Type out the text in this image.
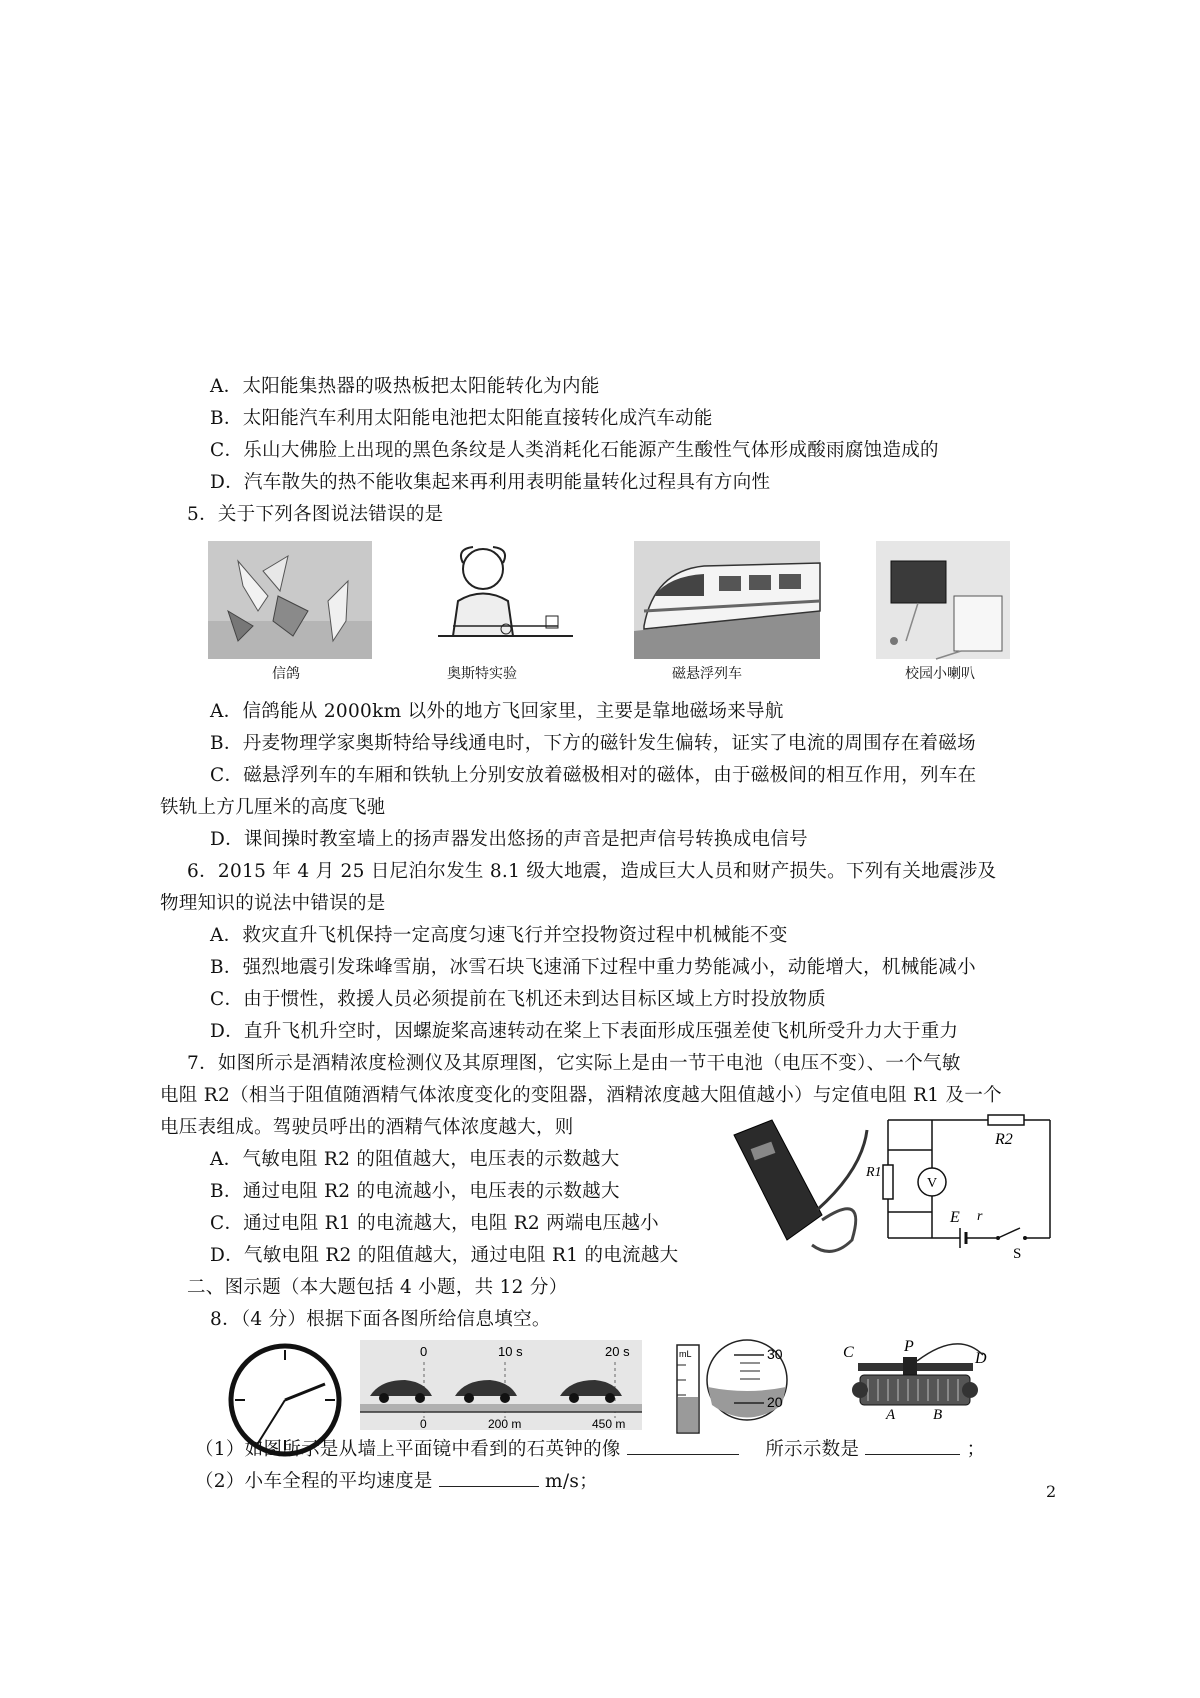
A．太阳能集热器的吸热板把太阳能转化为内能
B．太阳能汽车利用太阳能电池把太阳能直接转化成汽车动能
C．乐山大佛脸上出现的黑色条纹是人类消耗化石能源产生酸性气体形成酸雨腐蚀造成的
D．汽车散失的热不能收集起来再利用表明能量转化过程具有方向性
5．关于下列各图说法错误的是
信鸽	奥斯特实验	磁悬浮列车	校园小喇叭
A．信鸽能从 2000km 以外的地方飞回家里，主要是靠地磁场来导航
B．丹麦物理学家奥斯特给导线通电时，下方的磁针发生偏转，证实了电流的周围存在着磁场
C．磁悬浮列车的车厢和铁轨上分别安放着磁极相对的磁体，由于磁极间的相互作用，列车在
铁轨上方几厘米的高度飞驰
D．课间操时教室墙上的扬声器发出悠扬的声音是把声信号转换成电信号
6．2015 年 4 月 25 日尼泊尔发生 8.1 级大地震，造成巨大人员和财产损失。下列有关地震涉及
物理知识的说法中错误的是
A．救灾直升飞机保持一定高度匀速飞行并空投物资过程中机械能不变
B．强烈地震引发珠峰雪崩，冰雪石块飞速涌下过程中重力势能减小，动能增大，机械能减小
C．由于惯性，救援人员必须提前在飞机还未到达目标区域上方时投放物质
D．直升飞机升空时，因螺旋桨高速转动在桨上下表面形成压强差使飞机所受升力大于重力
7．如图所示是酒精浓度检测仪及其原理图，它实际上是由一节干电池（电压不变）、一个气敏
电阻 R2（相当于阻值随酒精气体浓度变化的变阻器，酒精浓度越大阻值越小）与定值电阻 R1 及一个
电压表组成。驾驶员呼出的酒精气体浓度越大，则
A．气敏电阻 R2 的阻值越大，电压表的示数越大
B．通过电阻 R2 的电流越小，电压表的示数越大
C．通过电阻 R1 的电流越大，电阻 R2 两端电压越小
D．气敏电阻 R2 的阻值越大，通过电阻 R1 的电流越大
R2
R1
V
E r
S
二、图示题（本大题包括 4 小题，共 12 分）
8．（4 分）根据下面各图所给信息填空。
0	10 s	20 s
0	200 m	450 m
mL	30
20
C	P
D
A	B
（1）如图所示是从墙上平面镜中看到的石英钟的像	所示示数是	；
（2）小车全程的平均速度是	m/s；	2
